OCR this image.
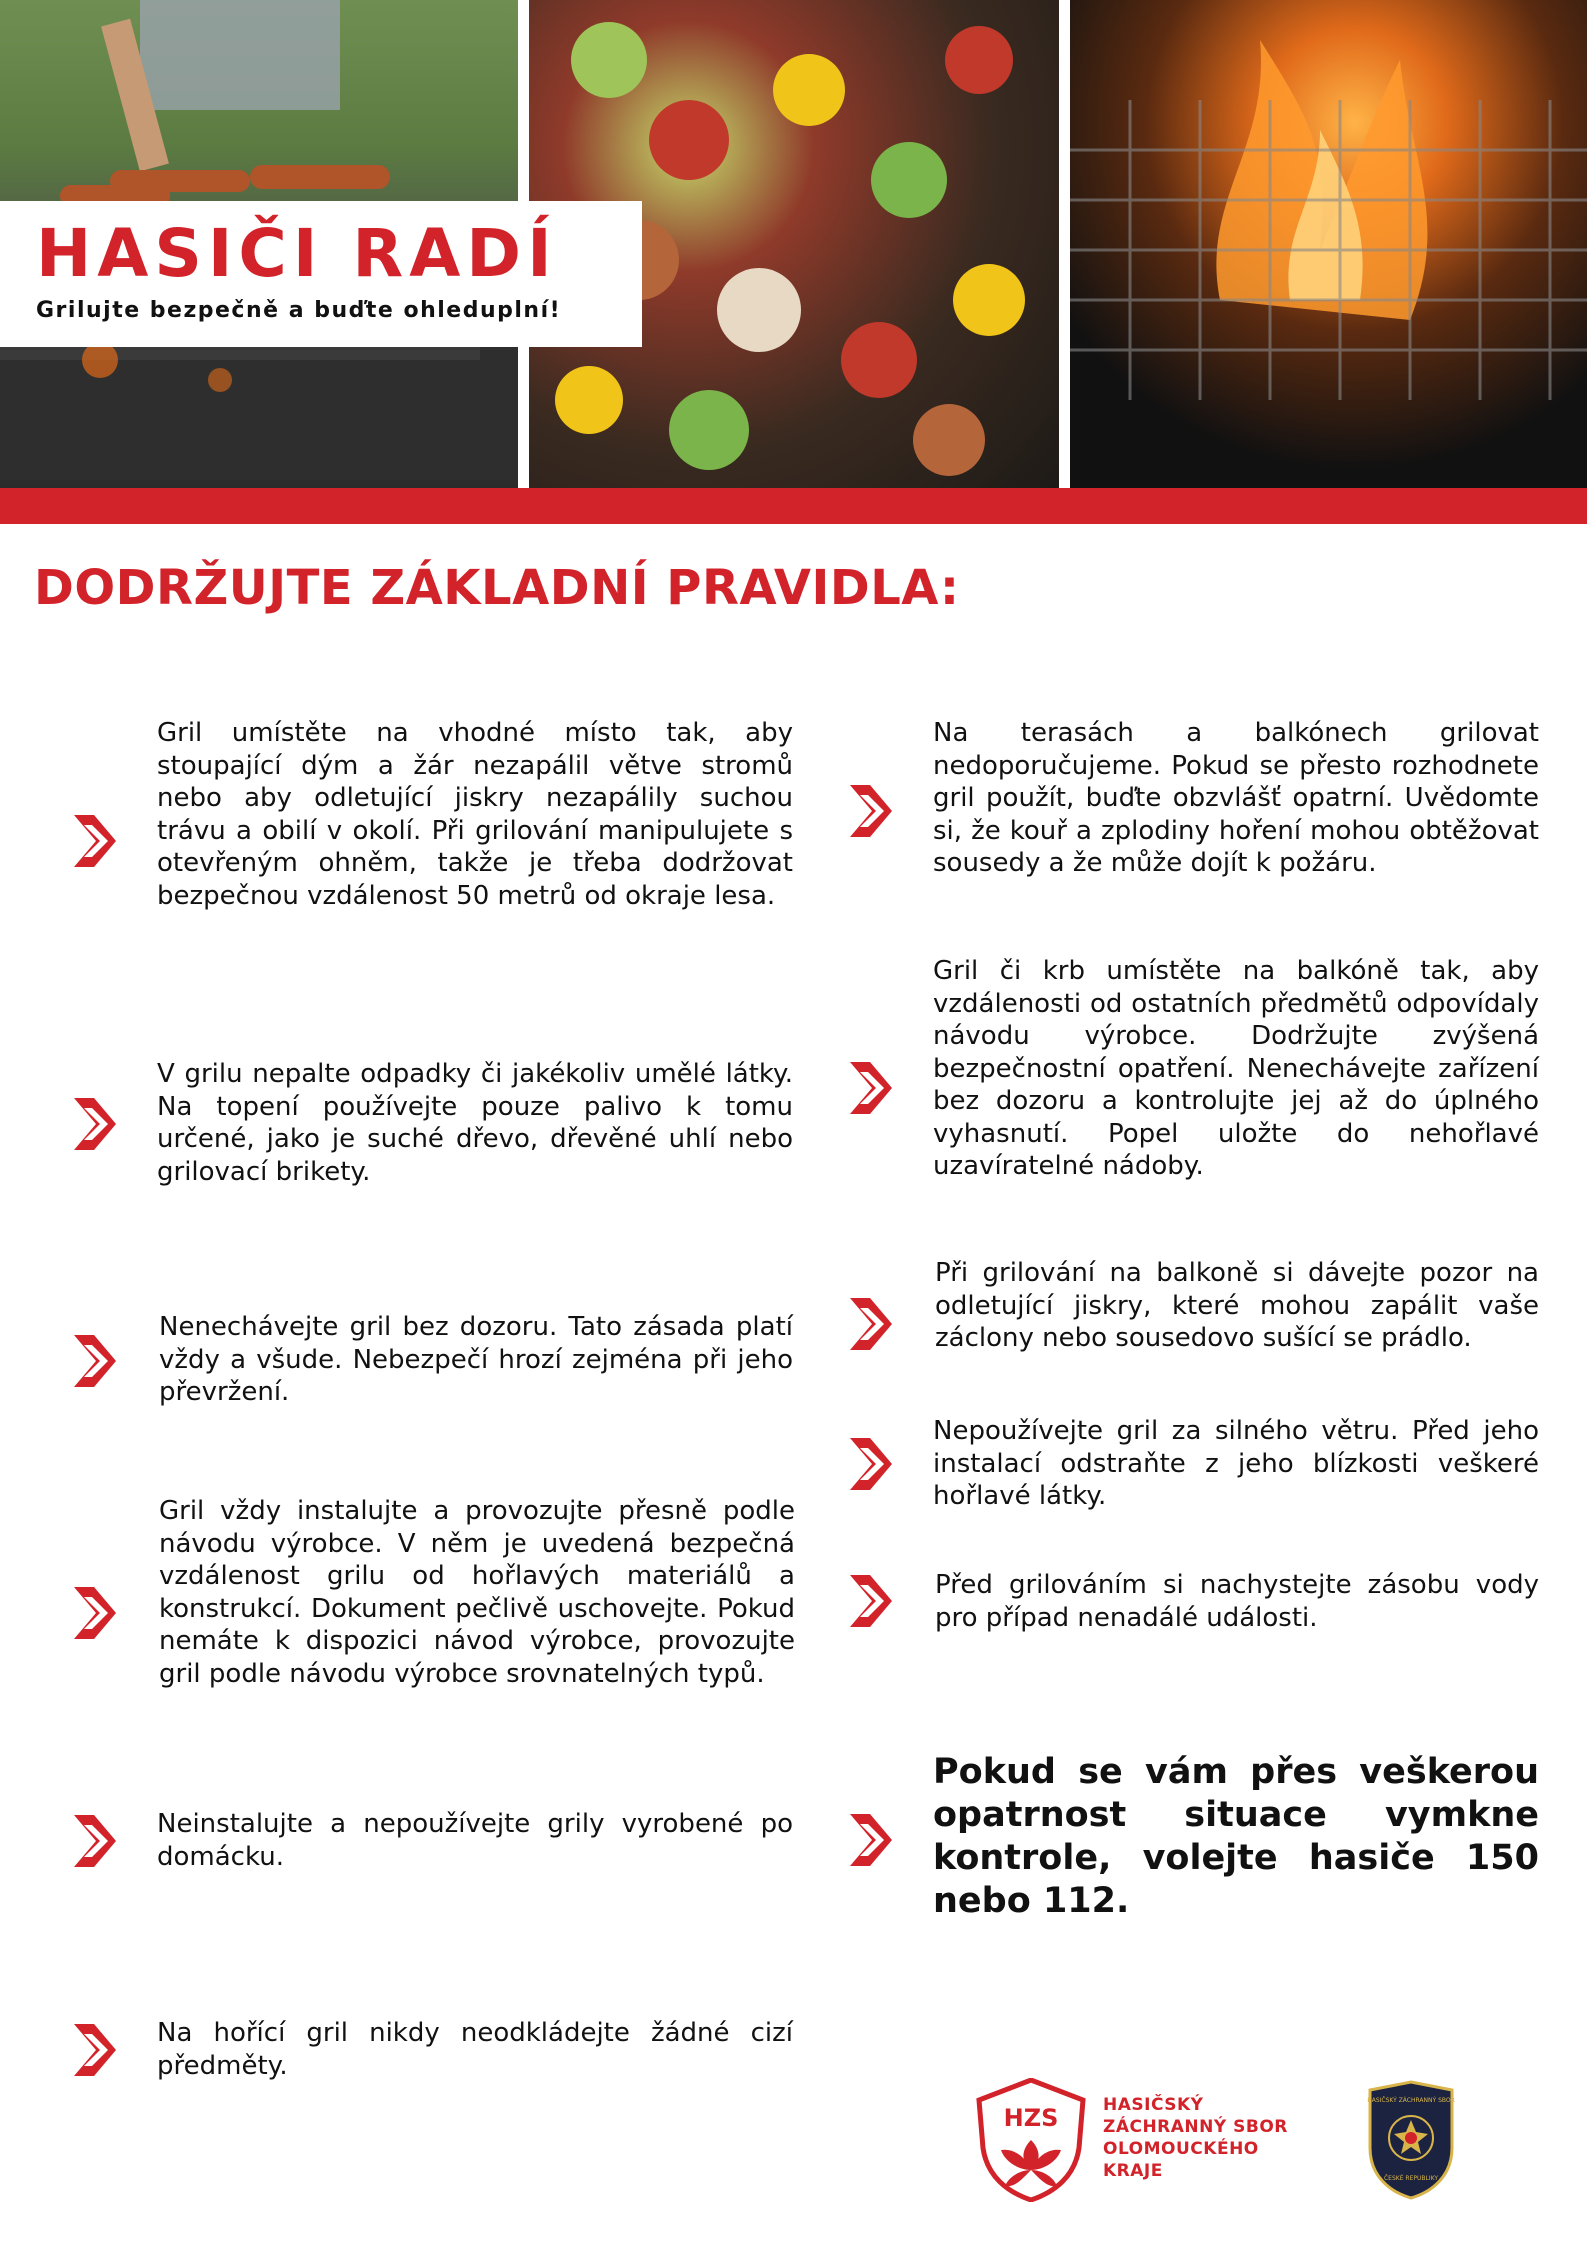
HASIČI RADÍ
Grilujte bezpečně a buďte ohleduplní!
DODRŽUJTE ZÁKLADNÍ PRAVIDLA:
Gril umístěte na vhodné místo tak, aby stoupající dým a žár nezapálil větve stromů nebo aby odletující jiskry nezapálily suchou trávu a obilí v okolí. Při grilování manipulujete s otevřeným ohněm, takže je třeba dodržovat bezpečnou vzdálenost 50 metrů od okraje lesa.
V grilu nepalte odpadky či jakékoliv umělé látky. Na topení používejte pouze palivo k tomu určené, jako je suché dřevo, dřevěné uhlí nebo grilovací brikety.
Nenechávejte gril bez dozoru. Tato zásada platí vždy a všude. Nebezpečí hrozí zejména při jeho převržení.
Gril vždy instalujte a provozujte přesně podle návodu výrobce. V něm je uvedená bezpečná vzdálenost grilu od hořlavých materiálů a konstrukcí. Dokument pečlivě uschovejte. Pokud nemáte k dispozici návod výrobce, provozujte gril podle návodu výrobce srovnatelných typů.
Neinstalujte a nepoužívejte grily vyrobené po domácku.
Na hořící gril nikdy neodkládejte žádné cizí předměty.
Na terasách a balkónech grilovat nedoporučujeme. Pokud se přesto rozhodnete gril použít, buďte obzvlášť opatrní. Uvědomte si, že kouř a zplodiny hoření mohou obtěžovat sousedy a že může dojít k požáru.
Gril či krb umístěte na balkóně tak, aby vzdálenosti od ostatních předmětů odpovídaly návodu výrobce. Dodržujte zvýšená bezpečnostní opatření. Nenechávejte zařízení bez dozoru a kontrolujte jej až do úplného vyhasnutí. Popel uložte do nehořlavé uzavíratelné nádoby.
Při grilování na balkoně si dávejte pozor na odletující jiskry, které mohou zapálit vaše záclony nebo sousedovo sušící se prádlo.
Nepoužívejte gril za silného větru. Před jeho instalací odstraňte z jeho blízkosti veškeré hořlavé látky.
Před grilováním si nachystejte zásobu vody pro případ nenadálé události.
Pokud se vám přes veškerou opatrnost situace vymkne kontrole, volejte hasiče 150 nebo 112.
HZS	HASIČSKÝ
ZÁCHRANNÝ SBOR
OLOMOUCKÉHO
KRAJE
HASIČSKÝ ZÁCHRANNÝ SBOR
ČESKÉ REPUBLIKY
